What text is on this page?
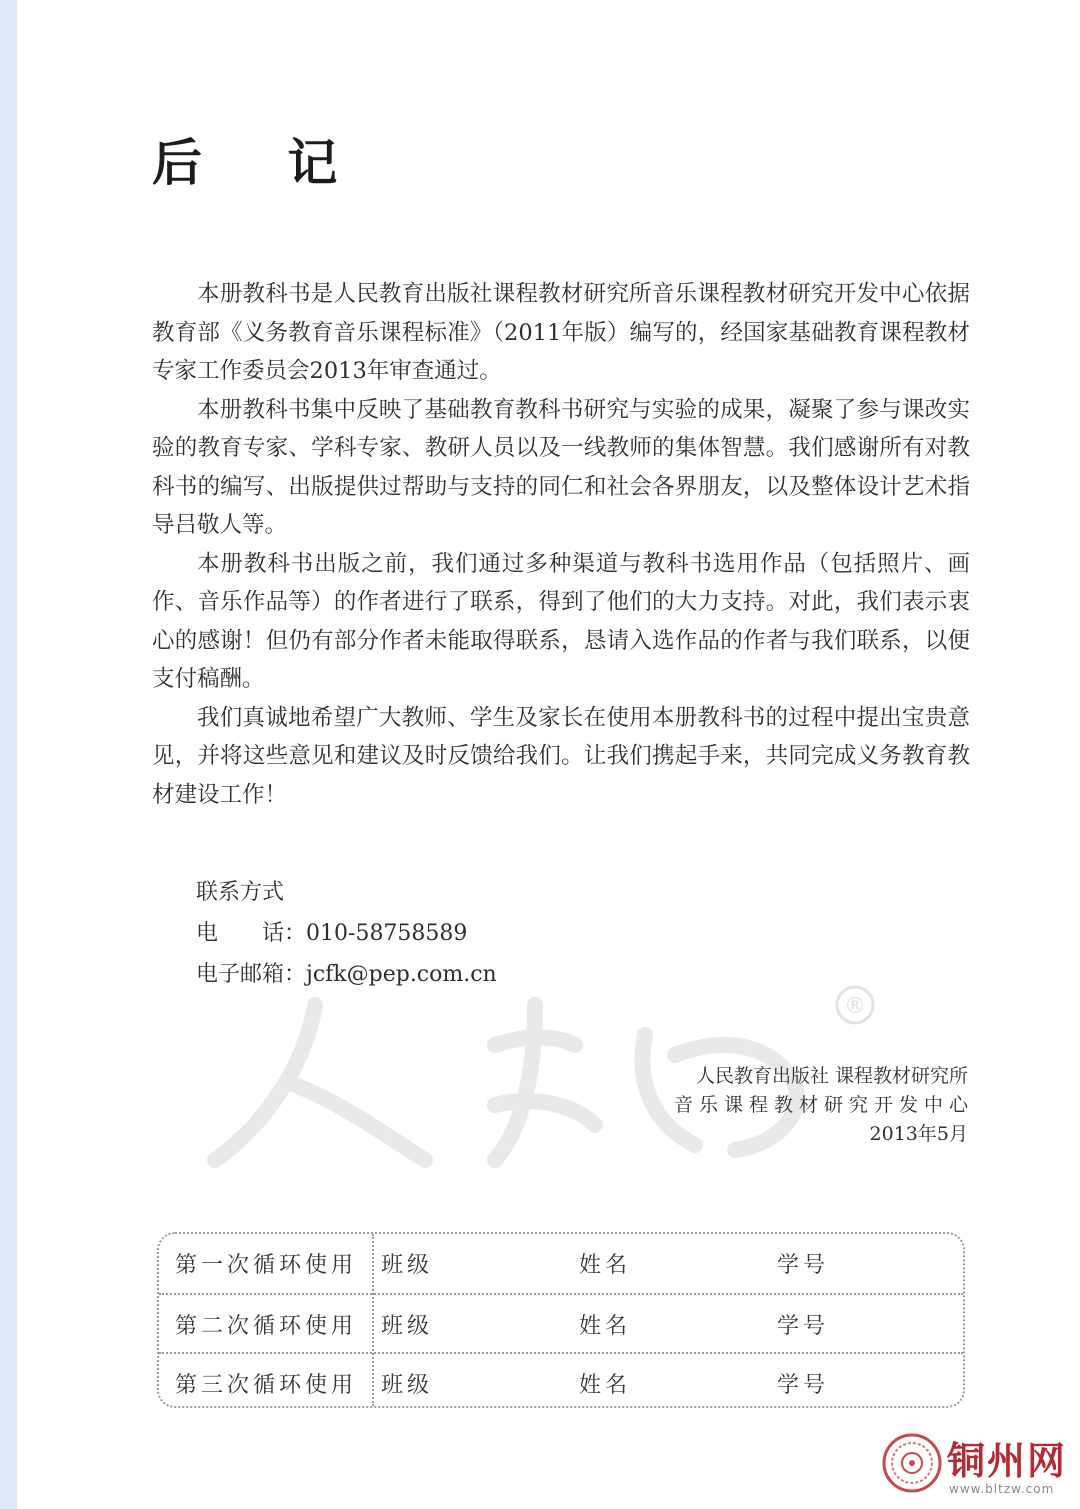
后 记

本册教科书是人民教育出版社课程教材研究所音乐课程教材研究开发中心依据教育部《义务教育音乐课程标准》（2011年版）编写的，经国家基础教育课程教材专家工作委员会2013年审查通过。

本册教科书集中反映了基础教育教科书研究与实验的成果，凝聚了参与课改实验的教育专家、学科专家、教研人员以及一线教师的集体智慧。我们感谢所有对教科书的编写、出版提供过帮助与支持的同仁和社会各界朋友，以及整体设计艺术指导吕敬人等。

本册教科书出版之前，我们通过多种渠道与教科书选用作品（包括照片、画作、音乐作品等）的作者进行了联系，得到了他们的大力支持。对此，我们表示衷心的感谢！但仍有部分作者未能取得联系，恳请入选作品的作者与我们联系，以便支付稿酬。

我们真诚地希望广大教师、学生及家长在使用本册教科书的过程中提出宝贵意见，并将这些意见和建议及时反馈给我们。让我们携起手来，共同完成义务教育教材建设工作！

联系方式
电　　话：010-58758589
电子邮箱：jcfk@pep.com.cn
®
人民教育出版社 课程教材研究所
音乐课程教材研究开发中心
2013年5月
第一次循环使用 班级	姓名	学号
第二次循环使用 班级	姓名	学号
第三次循环使用 班级	姓名	学号
铜州网
www.bltzw.com
